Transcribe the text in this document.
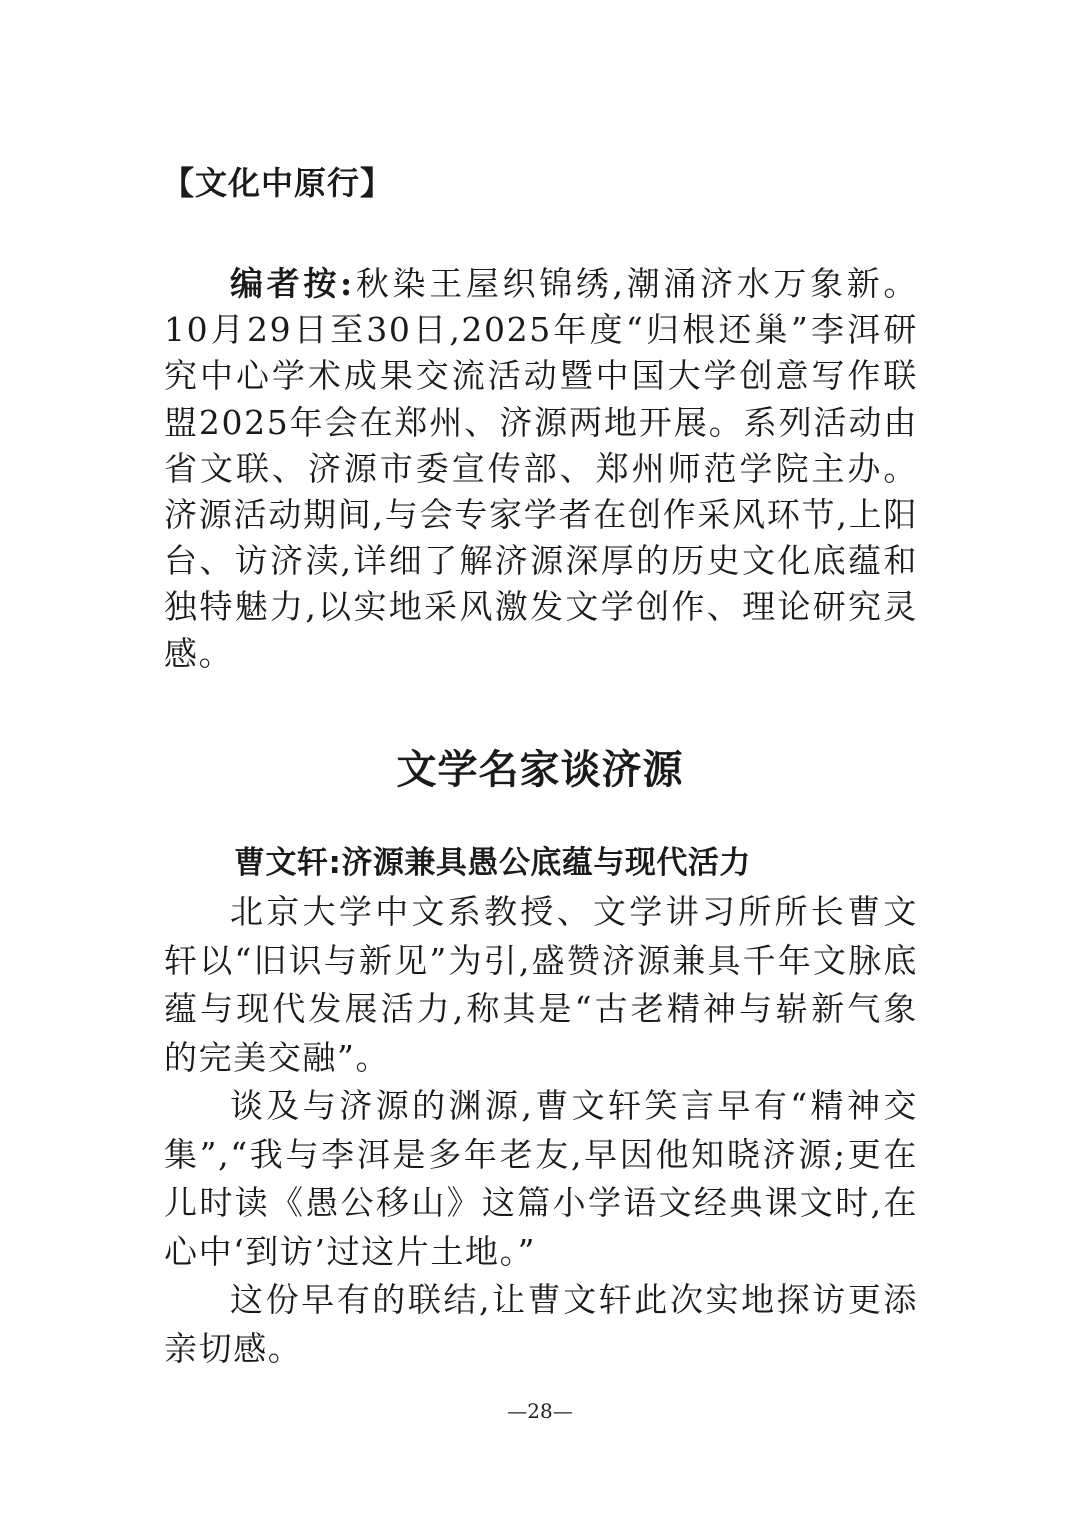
【文化中原行】

编者按:秋染王屋织锦绣,潮涌济水万象新。10月29日至30日,2025年度“归根还巢”李洱研究中心学术成果交流活动暨中国大学创意写作联盟2025年会在郑州、济源两地开展。系列活动由省文联、济源市委宣传部、郑州师范学院主办。济源活动期间,与会专家学者在创作采风环节,上阳台、访济渎,详细了解济源深厚的历史文化底蕴和独特魅力,以实地采风激发文学创作、理论研究灵感。

文学名家谈济源
曹文轩:济源兼具愚公底蕴与现代活力

北京大学中文系教授、文学讲习所所长曹文轩以“旧识与新见”为引,盛赞济源兼具千年文脉底蕴与现代发展活力,称其是“古老精神与崭新气象的完美交融”。

谈及与济源的渊源,曹文轩笑言早有“精神交集”,“我与李洱是多年老友,早因他知晓济源;更在儿时读《愚公移山》这篇小学语文经典课文时,在心中‘到访’过这片土地。”

这份早有的联结,让曹文轩此次实地探访更添亲切感。

—28—
